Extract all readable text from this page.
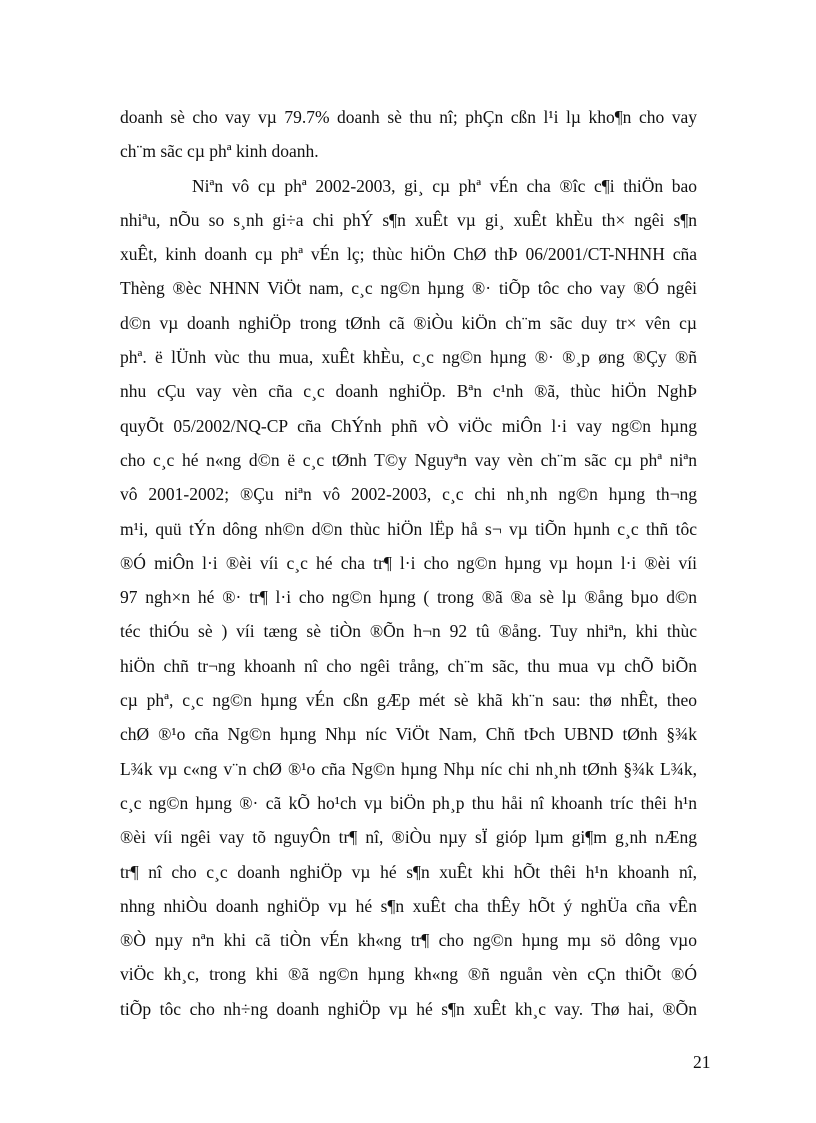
doanh sè cho vay vµ 79.7% doanh sè thu nî; phÇn cßn l¹i lµ kho¶n cho vay
ch¨m sãc cµ phª kinh doanh.
Niªn vô cµ phª 2002-2003, gi¸ cµ phª vÉn cha ®îc c¶i thiÖn bao
nhiªu, nÕu so s¸nh gi÷a chi phÝ s¶n xuÊt vµ gi¸ xuÊt khÈu th× ngêi s¶n
xuÊt, kinh doanh cµ phª vÉn lç; thùc hiÖn ChØ thÞ 06/2001/CT-NHNH cña
Thèng ®èc NHNN ViÖt nam, c¸c ng©n hµng ®· tiÕp tôc cho vay ®Ó ngêi
d©n vµ doanh nghiÖp trong tØnh cã ®iÒu kiÖn ch¨m sãc duy tr× vên cµ
phª. ë lÜnh vùc thu mua, xuÊt khÈu, c¸c ng©n hµng ®· ®¸p øng ®Çy ®ñ
nhu cÇu vay vèn cña c¸c doanh nghiÖp. Bªn c¹nh ®ã, thùc hiÖn NghÞ
quyÕt 05/2002/NQ-CP cña ChÝnh phñ vÒ viÖc miÔn l·i vay ng©n hµng
cho c¸c hé n«ng d©n ë c¸c tØnh T©y Nguyªn vay vèn ch¨m sãc cµ phª niªn
vô 2001-2002; ®Çu niªn vô 2002-2003, c¸c chi nh¸nh ng©n hµng th¬ng
m¹i, quü tÝn dông nh©n d©n thùc hiÖn lËp hå s¬ vµ tiÕn hµnh c¸c thñ tôc
®Ó miÔn l·i ®èi víi c¸c hé cha tr¶ l·i cho ng©n hµng vµ hoµn l·i ®èi víi
97 ngh×n hé ®· tr¶ l·i cho ng©n hµng ( trong ®ã ®a sè lµ ®ång bµo d©n
téc thiÓu sè ) víi tæng sè tiÒn ®Õn h¬n 92 tû ®ång. Tuy nhiªn, khi thùc
hiÖn chñ tr¬ng khoanh nî cho ngêi trång, ch¨m sãc, thu mua vµ chÕ biÕn
cµ phª, c¸c ng©n hµng vÉn cßn gÆp mét sè khã kh¨n sau: thø nhÊt, theo
chØ ®¹o cña Ng©n hµng Nhµ níc ViÖt Nam, Chñ tÞch UBND tØnh §¾k
L¾k vµ c«ng v¨n chØ ®¹o cña Ng©n hµng Nhµ níc chi nh¸nh tØnh §¾k L¾k,
c¸c ng©n hµng ®· cã kÕ ho¹ch vµ biÖn ph¸p thu håi nî khoanh tríc thêi h¹n
®èi víi ngêi vay tõ nguyÔn tr¶ nî, ®iÒu nµy sÏ gióp lµm gi¶m g¸nh nÆng
tr¶ nî cho c¸c doanh nghiÖp vµ hé s¶n xuÊt khi hÕt thêi h¹n khoanh nî,
nhng nhiÒu doanh nghiÖp vµ hé s¶n xuÊt cha thÊy hÕt ý nghÜa cña vÊn
®Ò nµy nªn khi cã tiÒn vÉn kh«ng tr¶ cho ng©n hµng mµ sö dông vµo
viÖc kh¸c, trong khi ®ã ng©n hµng kh«ng ®ñ nguån vèn cÇn thiÕt ®Ó
tiÕp tôc cho nh÷ng doanh nghiÖp vµ hé s¶n xuÊt kh¸c vay. Thø hai, ®Õn
21
